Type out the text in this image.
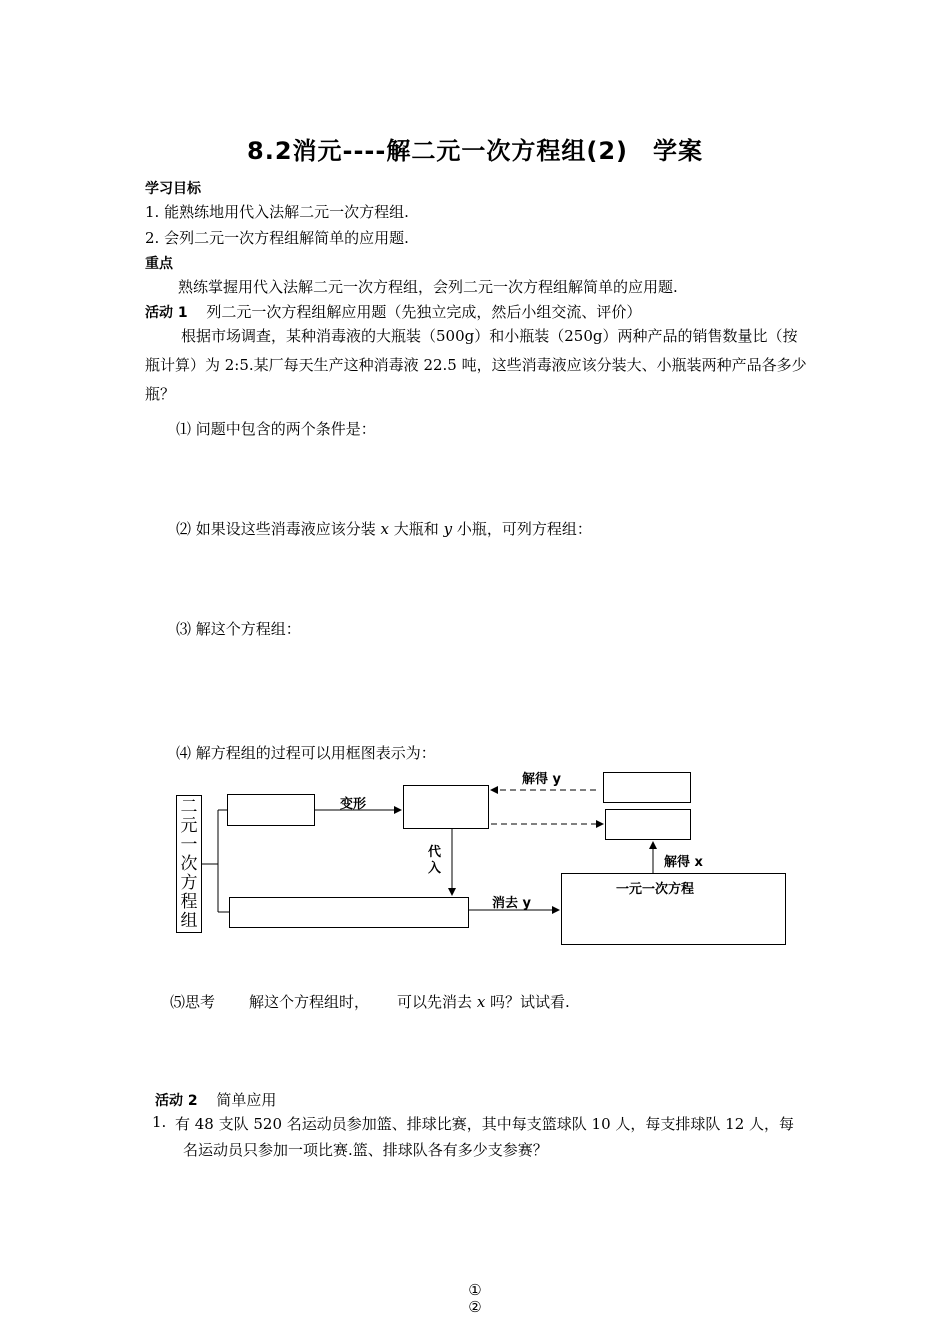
8.2消元----解二元一次方程组(2)　学案
学习目标
1. 能熟练地用代入法解二元一次方程组.
2. 会列二元一次方程组解简单的应用题.
重点
熟练掌握用代入法解二元一次方程组，会列二元一次方程组解简单的应用题.
活动 1 列二元一次方程组解应用题（先独立完成，然后小组交流、评价）
根据市场调查，某种消毒液的大瓶装（500g）和小瓶装（250g）两种产品的销售数量比（按瓶计算）为 2:5.某厂每天生产这种消毒液 22.5 吨，这些消毒液应该分装大、小瓶装两种产品各多少瓶？
⑴ 问题中包含的两个条件是：
⑵ 如果设这些消毒液应该分装 x 大瓶和 y 小瓶，可列方程组：
⑶ 解这个方程组：
⑷ 解方程组的过程可以用框图表示为：
二元一次方程组
变形
代入
消去 y
解得 y
解得 x
一元一次方程
⑸思考 解这个方程组时， 可以先消去 x 吗？试试看.
活动 2 简单应用
1. 有 48 支队 520 名运动员参加篮、排球比赛，其中每支篮球队 10 人，每支排球队 12 人，每
名运动员只参加一项比赛.篮、排球队各有多少支参赛？
①
②
